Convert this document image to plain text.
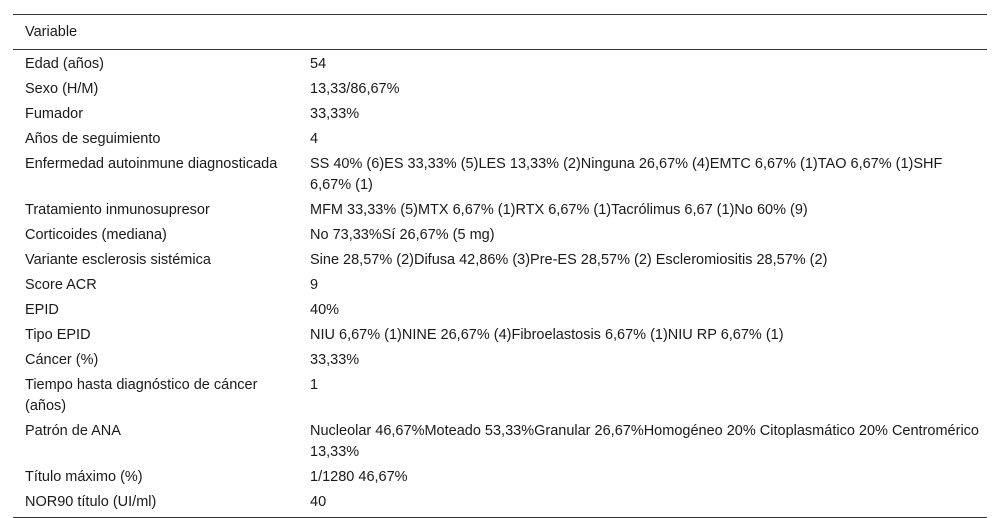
Variable	
Edad (años)	54
Sexo (H/M)	13,33/86,67%
Fumador	33,33%
Años de seguimiento	4
Enfermedad autoinmune diagnosticada	SS 40% (6)ES 33,33% (5)LES 13,33% (2)Ninguna 26,67% (4)EMTC 6,67% (1)TAO 6,67% (1)SHF 6,67% (1)
Tratamiento inmunosupresor	MFM 33,33% (5)MTX 6,67% (1)RTX 6,67% (1)Tacrólimus 6,67 (1)No 60% (9)
Corticoides (mediana)	No 73,33%Sí 26,67% (5 mg)
Variante esclerosis sistémica	Sine 28,57% (2)Difusa 42,86% (3)Pre-ES 28,57% (2) Escleromiositis 28,57% (2)
Score ACR	9
EPID	40%
Tipo EPID	NIU 6,67% (1)NINE 26,67% (4)Fibroelastosis 6,67% (1)NIU RP 6,67% (1)
Cáncer (%)	33,33%
Tiempo hasta diagnóstico de cáncer (años)	1
Patrón de ANA	Nucleolar 46,67%Moteado 53,33%Granular 26,67%Homogéneo 20% Citoplasmático 20% Centromérico 13,33%
Título máximo (%)	1/1280 46,67%
NOR90 título (UI/ml)	40
